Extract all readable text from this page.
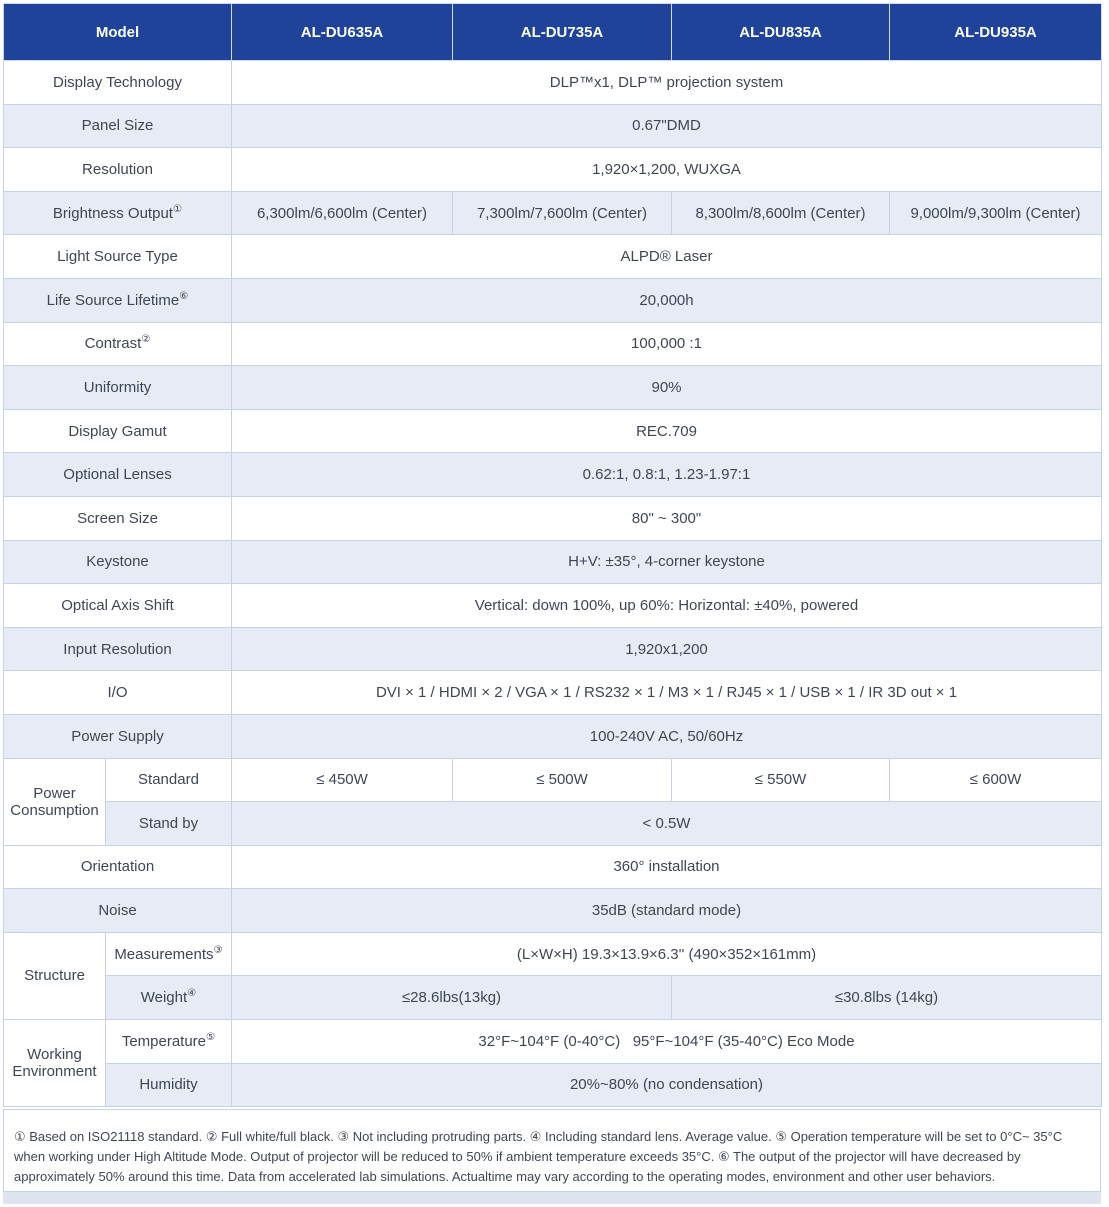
Model		AL-DU635A	AL-DU735A	AL-DU835A	AL-DU935A
Display Technology		DLP™x1, DLP™ projection system			
Panel Size		0.67"DMD			
Resolution		1,920×1,200, WUXGA			
Brightness Output①		6,300lm/6,600lm (Center)	7,300lm/7,600lm (Center)	8,300lm/8,600lm (Center)	9,000lm/9,300lm (Center)
Light Source Type		ALPD® Laser			
Life Source Lifetime⑥		20,000h			
Contrast②		100,000 :1			
Uniformity		90%			
Display Gamut		REC.709			
Optional Lenses		0.62:1, 0.8:1, 1.23-1.97:1			
Screen Size		80" ~ 300"			
Keystone		H+V: ±35°, 4-corner keystone			
Optical Axis Shift		Vertical: down 100%, up 60%: Horizontal: ±40%, powered			
Input Resolution		1,920x1,200			
I/O		DVI × 1 / HDMI × 2 / VGA × 1 / RS232 × 1 / M3 × 1 / RJ45 × 1 / USB × 1 / IR 3D out × 1			
Power Supply		100-240V AC, 50/60Hz			
Power Consumption	Standard	≤ 450W	≤ 500W	≤ 550W	≤ 600W
	Stand by	< 0.5W			
Orientation		360° installation			
Noise		35dB (standard mode)			
Structure	Measurements③	(L×W×H) 19.3×13.9×6.3'' (490×352×161mm)			
	Weight④	≤28.6lbs(13kg)		≤30.8lbs (14kg)	
Working Environment	Temperature⑤	32°F~104°F (0-40°C)   95°F~104°F (35-40°C) Eco Mode			
	Humidity	20%~80% (no condensation)			
① Based on ISO21118 standard. ② Full white/full black. ③ Not including protruding parts. ④ Including standard lens. Average value. ⑤ Operation temperature will be set to 0°C~ 35°C when working under High Altitude Mode. Output of projector will be reduced to 50% if ambient temperature exceeds 35°C. ⑥ The output of the projector will have decreased by approximately 50% around this time. Data from accelerated lab simulations. Actualtime may vary according to the operating modes, environment and other user behaviors.
